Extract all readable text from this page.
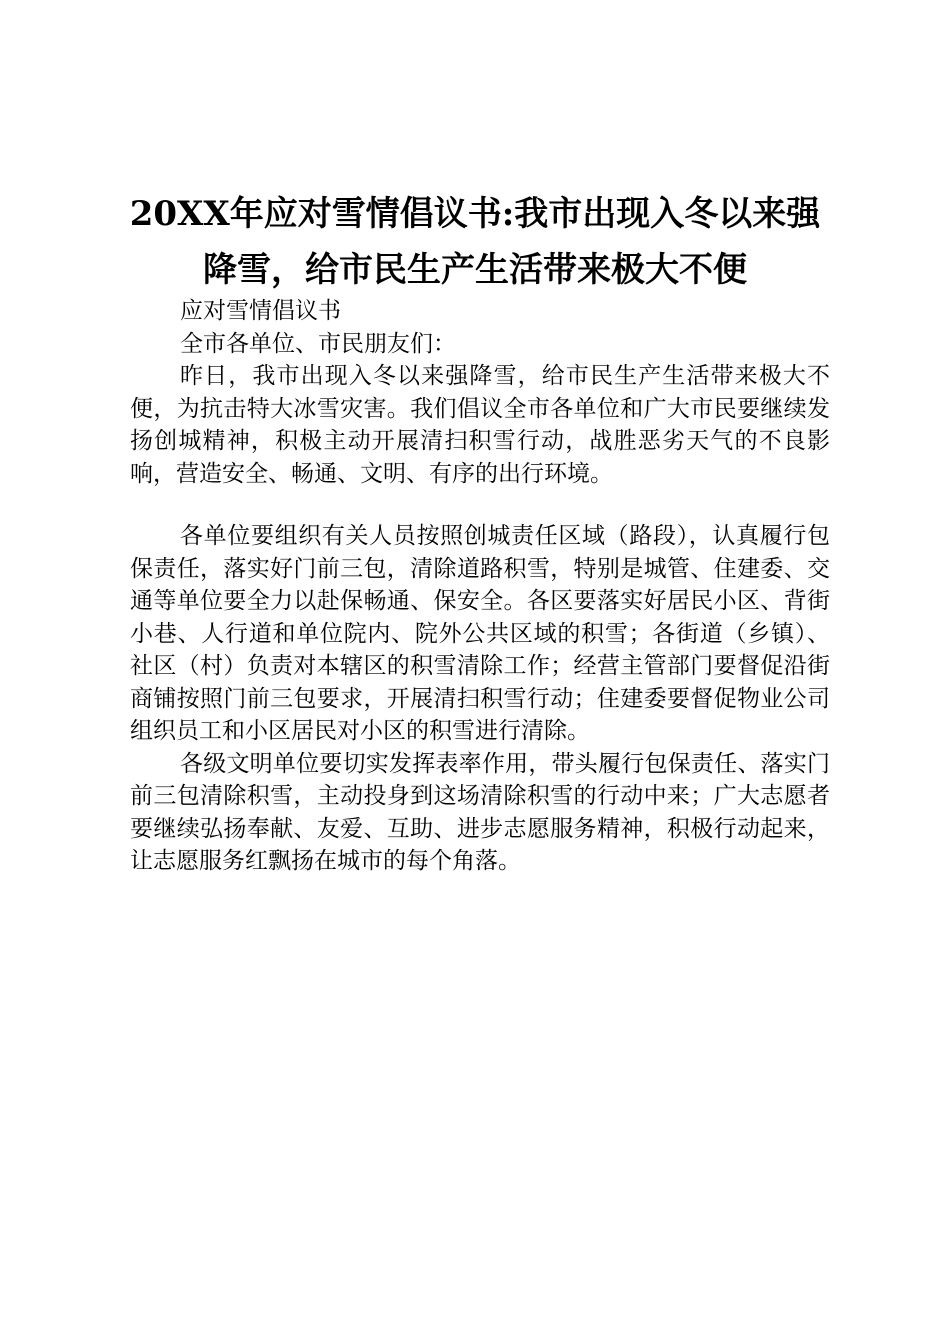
20XX年应对雪情倡议书:我市出现入冬以来强
降雪，给市民生产生活带来极大不便

应对雪情倡议书

全市各单位、市民朋友们：

昨日，我市出现入冬以来强降雪，给市民生产生活带来极大不便，为抗击特大冰雪灾害。我们倡议全市各单位和广大市民要继续发扬创城精神，积极主动开展清扫积雪行动，战胜恶劣天气的不良影响，营造安全、畅通、文明、有序的出行环境。

各单位要组织有关人员按照创城责任区域（路段），认真履行包保责任，落实好门前三包，清除道路积雪，特别是城管、住建委、交通等单位要全力以赴保畅通、保安全。各区要落实好居民小区、背街小巷、人行道和单位院内、院外公共区域的积雪；各街道（乡镇）、社区（村）负责对本辖区的积雪清除工作；经营主管部门要督促沿街商铺按照门前三包要求，开展清扫积雪行动；住建委要督促物业公司组织员工和小区居民对小区的积雪进行清除。

各级文明单位要切实发挥表率作用，带头履行包保责任、落实门前三包清除积雪，主动投身到这场清除积雪的行动中来；广大志愿者要继续弘扬奉献、友爱、互助、进步志愿服务精神，积极行动起来，让志愿服务红飘扬在城市的每个角落。
